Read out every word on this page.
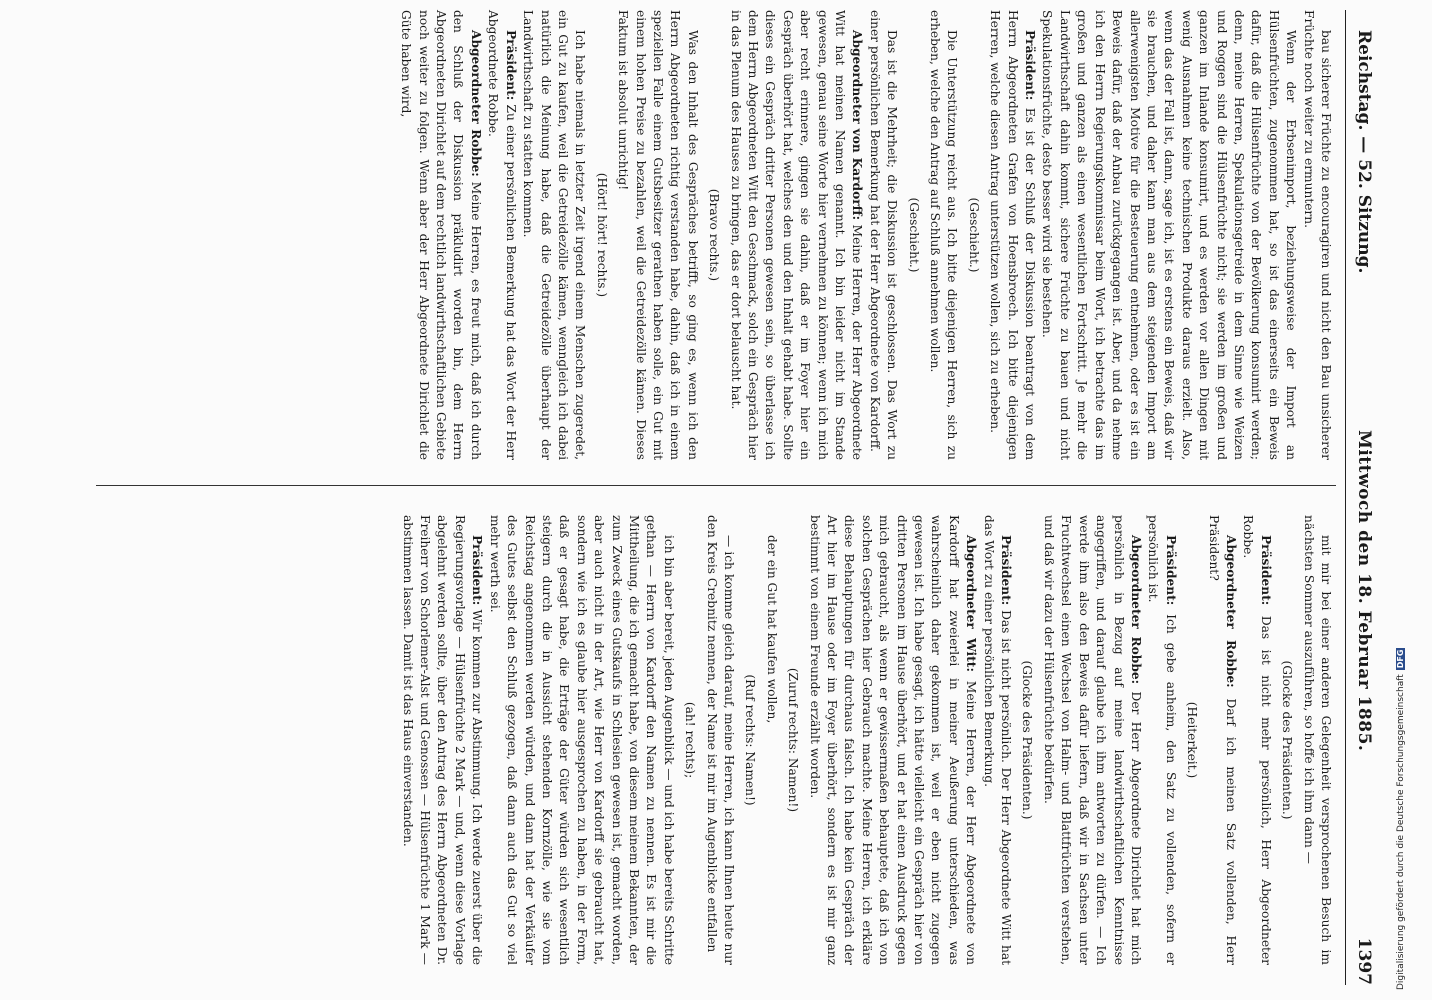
Reichstag. — 52. Sitzung.
Mittwoch den 18. Februar 1885.
1397

bau sicherer Früchte zu encouragiren und nicht den Bau unsicherer Früchte noch weiter zu ermuntern.

Wenn der Erbsenimport, beziehungsweise der Import an Hülsenfrüchten, zugenommen hat, so ist das einerseits ein Beweis dafür, daß die Hülsenfrüchte von der Bevölkerung konsumirt werden; denn, meine Herren, Spekulationsgetreide in dem Sinne wie Weizen und Roggen sind die Hülsenfrüchte nicht; sie werden im großen und ganzen im Inlande konsumirt, und es werden vor allen Dingen mit wenig Ausnahmen keine technischen Produkte daraus erzielt. Also, wenn das der Fall ist, dann, sage ich, ist es erstens ein Beweis, daß wir sie brauchen, und daher kann man aus dem steigenden Import am allerwenigsten Motive für die Besteuerung entnehmen, oder es ist ein Beweis dafür, daß der Anbau zurückgegangen ist. Aber, und da nehme ich den Herrn Regierungskommissar beim Wort, ich betrachte das im großen und ganzen als einen wesentlichen Fortschritt. Je mehr die Landwirthschaft dahin kommt, sichere Früchte zu bauen und nicht Spekulationsfrüchte, desto besser wird sie bestehen.

Präsident: Es ist der Schluß der Diskussion beantragt von dem Herrn Abgeordneten Grafen von Hoensbroech. Ich bitte diejenigen Herren, welche diesen Antrag unterstützen wollen, sich zu erheben.

(Geschieht.)

Die Unterstützung reicht aus. Ich bitte diejenigen Herren, sich zu erheben, welche den Antrag auf Schluß annehmen wollen.

(Geschieht.)

Das ist die Mehrheit; die Diskussion ist geschlossen. Das Wort zu einer persönlichen Bemerkung hat der Herr Abgeordnete von Kardorff.

Abgeordneter von Kardorff: Meine Herren, der Herr Abgeordnete Witt hat meinen Namen genannt. Ich bin leider nicht im Stande gewesen, genau seine Worte hier vernehmen zu können; wenn ich mich aber recht erinnere, gingen sie dahin, daß er im Foyer hier ein Gespräch überhört hat, welches den und den Inhalt gehabt habe. Sollte dieses ein Gespräch dritter Personen gewesen sein, so überlasse ich dem Herrn Abgeordneten Witt den Geschmack, solch ein Gespräch hier in das Plenum des Hauses zu bringen, das er dort belauscht hat.

(Bravo rechts.)

Was den Inhalt des Gespräches betrifft, so ging es, wenn ich den Herrn Abgeordneten richtig verstanden habe, dahin, daß ich in einem speziellen Falle einem Gutsbesitzer gerathen haben solle, ein Gut mit einem hohen Preise zu bezahlen, weil die Getreidezölle kämen. Dieses Faktum ist absolut unrichtig!

(Hört! hört! rechts.)

Ich habe niemals in letzter Zeit irgend einem Menschen zugeredet, ein Gut zu kaufen, weil die Getreidezölle kämen, wenngleich ich dabei natürlich die Meinung habe, daß die Getreidezölle überhaupt der Landwirthschaft zu statten kommen.

Präsident: Zu einer persönlichen Bemerkung hat das Wort der Herr Abgeordnete Robbe.

Abgeordneter Robbe: Meine Herren, es freut mich, daß ich durch den Schluß der Diskussion präkludirt worden bin, dem Herrn Abgeordneten Dirichlet auf dem rechtlich landwirthschaftlichen Gebiete noch weiter zu folgen. Wenn aber der Herr Abgeordnete Dirichlet die Güte haben wird,

mit mir bei einer anderen Gelegenheit versprochenen Besuch im nächsten Sommer auszuführen, so hoffe ich ihm dann —

(Glocke des Präsidenten.)

Präsident: Das ist nicht mehr persönlich, Herr Abgeordneter Robbe.

Abgeordneter Robbe: Darf ich meinen Satz vollenden, Herr Präsident?

(Heiterkeit.)

Präsident: Ich gebe anheim, den Satz zu vollenden, sofern er persönlich ist.

Abgeordneter Robbe: Der Herr Abgeordnete Dirichlet hat mich persönlich in Bezug auf meine landwirthschaftlichen Kenntnisse angegriffen, und darauf glaube ich ihm antworten zu dürfen. — Ich werde ihm also den Beweis dafür liefern, daß wir in Sachsen unter Fruchtwechsel einen Wechsel von Halm- und Blattfrüchten verstehen, und daß wir dazu der Hülsenfrüchte bedürfen.

(Glocke des Präsidenten.)

Präsident: Das ist nicht persönlich. Der Herr Abgeordnete Witt hat das Wort zu einer persönlichen Bemerkung.

Abgeordneter Witt: Meine Herren, der Herr Abgeordnete von Kardorff hat zweierlei in meiner Aeußerung unterschieden, was wahrscheinlich daher gekommen ist, weil er eben nicht zugegen gewesen ist. Ich habe gesagt, ich hätte vielleicht ein Gespräch hier von dritten Personen im Hause überhört, und er hat einen Ausdruck gegen mich gebraucht, als wenn er gewissermaßen behauptete, daß ich von solchen Gesprächen hier Gebrauch machte. Meine Herren, ich erkläre diese Behauptungen für durchaus falsch. Ich habe kein Gespräch der Art hier im Hause oder im Foyer überhört, sondern es ist mir ganz bestimmt von einem Freunde erzählt worden.

(Zuruf rechts: Namen!)

der ein Gut hat kaufen wollen,

(Ruf rechts: Namen!)

— ich komme gleich darauf, meine Herren, ich kann Ihnen heute nur den Kreis Crebnitz nennen, der Name ist mir im Augenblicke entfallen

(ah! rechts);

ich bin aber bereit, jeden Augenblick — und ich habe bereits Schritte gethan — Herrn von Kardorff den Namen zu nennen. Es ist mir die Mittheilung, die ich gemacht habe, von diesem meinem Bekannten, der zum Zweck eines Gutskaufs in Schlesien gewesen ist, gemacht worden, aber auch nicht in der Art, wie Herr von Kardorff sie gebraucht hat, sondern wie ich es glaube hier ausgesprochen zu haben, in der Form, daß er gesagt habe, die Erträge der Güter würden sich wesentlich steigern durch die in Aussicht stehenden Kornzölle, wie sie vom Reichstag angenommen werden würden, und dann hat der Verkäufer des Gutes selbst den Schluß gezogen, daß dann auch das Gut so viel mehr werth sei.

Präsident: Wir kommen zur Abstimmung. Ich werde zuerst über die Regierungsvorlage — Hülsenfrüchte 2 Mark — und, wenn diese Vorlage abgelehnt werden sollte, über den Antrag des Herrn Abgeordneten Dr. Freiherr von Schorlemer-Alst und Genossen — Hülsenfrüchte 1 Mark — abstimmen lassen. Damit ist das Haus einverstanden.	Digitalisierung gefördert durch die Deutsche ForschungsgemeinschaftDFG
